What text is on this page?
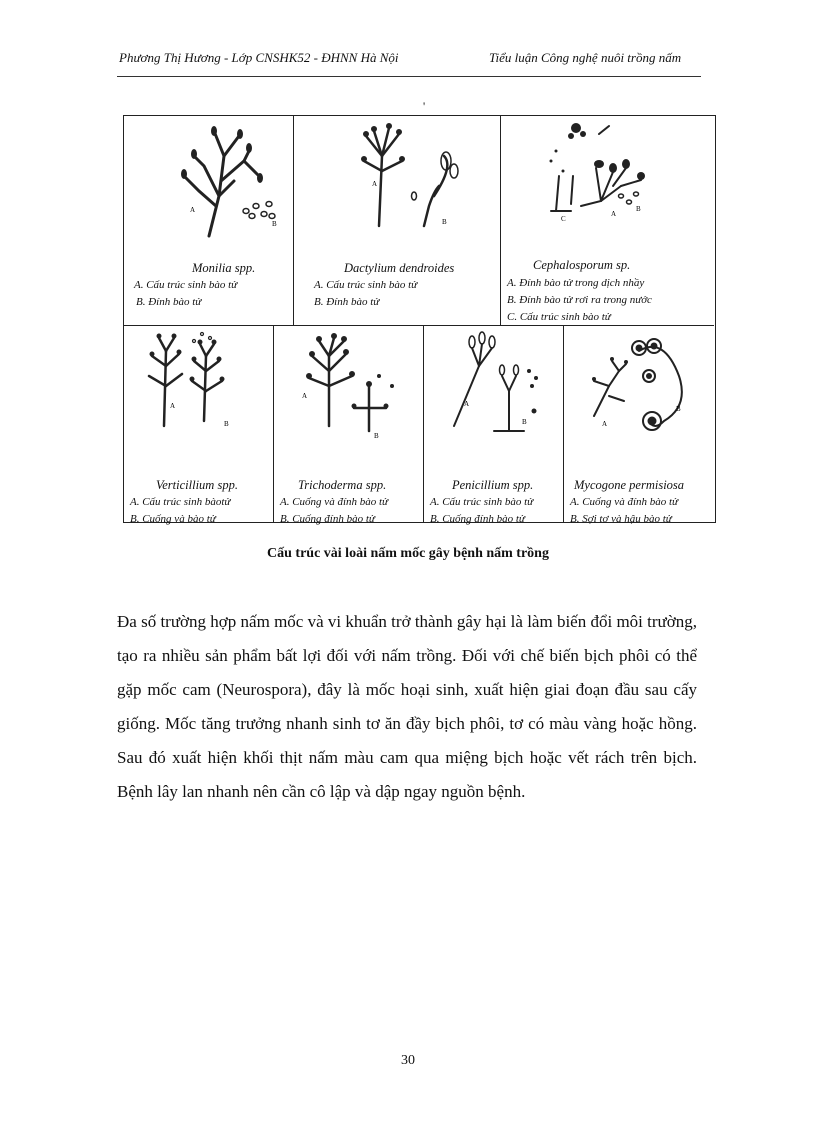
Phương Thị Hương - Lớp CNSHK52 - ĐHNN Hà Nội	Tiểu luận Công nghệ nuôi trồng nấm
'
A
B
Monilia spp.
A. Cấu trúc sinh bào tử
B. Đính bào tử
A
B
Dactylium dendroides
A. Cấu trúc sinh bào tử
B. Đính bào tử
A
B
C
Cephalosporum sp.
A. Đính bào tử trong dịch nhầy
B. Đính bào tử rơi ra trong nước
C. Cấu trúc sinh bào tử
A
B
Verticillium spp.
A. Cấu trúc sinh bàotử
B. Cuống và bào tử
A
B
Trichoderma spp.
A. Cuống và đính bào tử
B. Cuống đính bào tử
A
B
Penicillium spp.
A. Cấu trúc sinh bào tử
B. Cuống đính bào tử
A
B
Mycogone permisiosa
A. Cuống và đính bào tử
B. Sợi tơ và hậu bào tử
Cấu trúc vài loài nấm mốc gây bệnh nấm trồng
Đa số trường hợp nấm mốc và vi khuẩn trở thành gây hại là làm biến đổi môi trường, tạo ra nhiều sản phẩm bất lợi đối với nấm trồng. Đối với chế biến bịch phôi có thể gặp mốc cam (Neurospora), đây là mốc hoại sinh, xuất hiện giai đoạn đầu sau cấy giống. Mốc tăng trưởng nhanh sinh tơ ăn đầy bịch phôi, tơ có màu vàng hoặc hồng. Sau đó xuất hiện khối thịt nấm màu cam qua miệng bịch hoặc vết rách trên bịch. Bệnh lây lan nhanh nên cần cô lập và dập ngay nguồn bệnh.
30
